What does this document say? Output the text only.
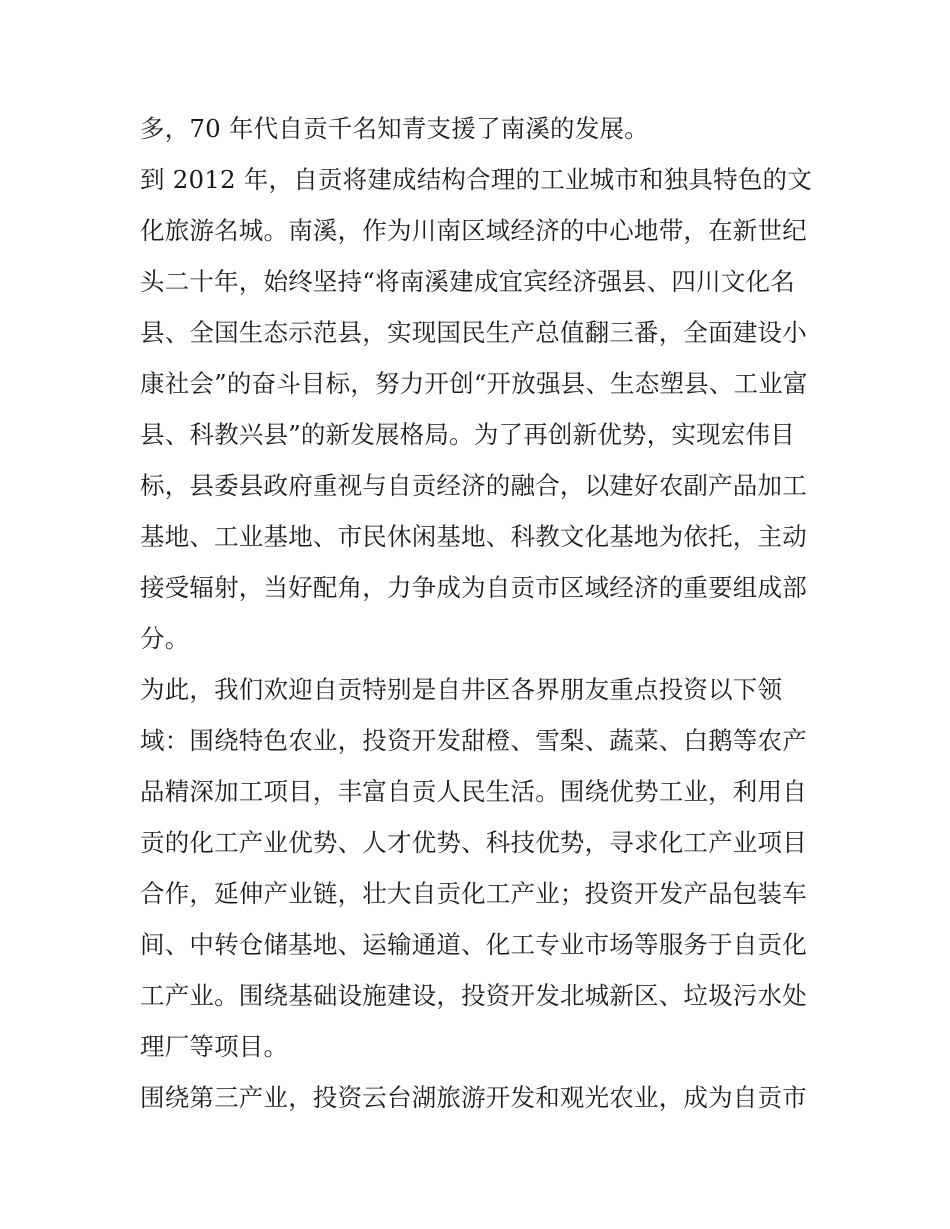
多，70 年代自贡千名知青支援了南溪的发展。
到 2012 年，自贡将建成结构合理的工业城市和独具特色的文
化旅游名城。南溪，作为川南区域经济的中心地带，在新世纪
头二十年，始终坚持“将南溪建成宜宾经济强县、四川文化名
县、全国生态示范县，实现国民生产总值翻三番，全面建设小
康社会”的奋斗目标，努力开创“开放强县、生态塑县、工业富
县、科教兴县”的新发展格局。为了再创新优势，实现宏伟目
标，县委县政府重视与自贡经济的融合，以建好农副产品加工
基地、工业基地、市民休闲基地、科教文化基地为依托，主动
接受辐射，当好配角，力争成为自贡市区域经济的重要组成部
分。
为此，我们欢迎自贡特别是自井区各界朋友重点投资以下领
域：围绕特色农业，投资开发甜橙、雪梨、蔬菜、白鹅等农产
品精深加工项目，丰富自贡人民生活。围绕优势工业，利用自
贡的化工产业优势、人才优势、科技优势，寻求化工产业项目
合作，延伸产业链，壮大自贡化工产业；投资开发产品包装车
间、中转仓储基地、运输通道、化工专业市场等服务于自贡化
工产业。围绕基础设施建设，投资开发北城新区、垃圾污水处
理厂等项目。
围绕第三产业，投资云台湖旅游开发和观光农业，成为自贡市
